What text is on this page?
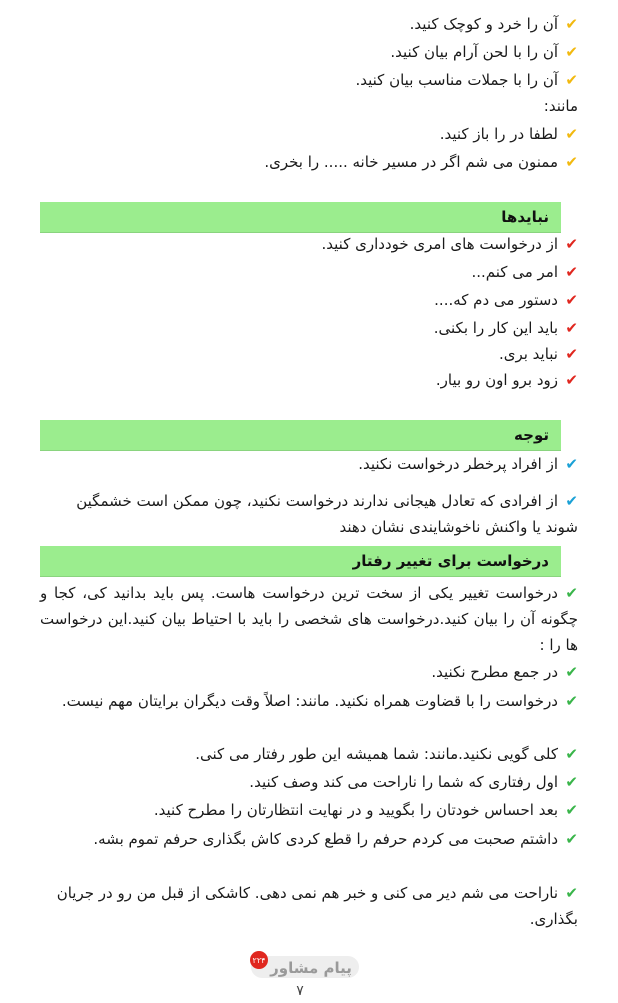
✔آن را خرد و کوچک کنید.
✔آن را با لحن آرام بیان کنید.
✔آن را با جملات مناسب بیان کنید.
مانند:
✔لطفا در را باز کنید.
✔ممنون می شم اگر در مسیر خانه ..... را بخری.
نبایدها
✔از درخواست های امری خودداری کنید.
✔امر می کنم...
✔دستور می دم که....
✔باید این کار را بکنی.
✔نباید بری.
✔زود برو اون رو بیار.
توجه
✔از افراد پرخطر درخواست نکنید.
✔از افرادی که تعادل هیجانی ندارند درخواست نکنید، چون ممکن است خشمگین شوند یا واکنش ناخوشایندی نشان دهند
درخواست برای تغییر رفتار
✔درخواست تغییر یکی از سخت ترین درخواست هاست. پس باید بدانید کی، کجا و چگونه آن را بیان کنید.درخواست های شخصی را باید با احتیاط بیان کنید.این درخواست ها را :
✔در جمع مطرح نکنید.
✔درخواست را با قضاوت همراه نکنید. مانند: اصلاً وقت دیگران برایتان مهم نیست.
✔کلی گویی نکنید.مانند: شما همیشه این طور رفتار می کنی.
✔اول رفتاری که شما را ناراحت می کند وصف کنید.
✔بعد احساس خودتان را بگویید و در نهایت انتظارتان را مطرح کنید.
✔داشتم صحبت می کردم حرفم را قطع کردی کاش بگذاری حرفم تموم بشه.
✔ناراحت می شم دیر می کنی و خبر هم نمی دهی. کاشکی از قبل من رو در جریان بگذاری.
۲۲۴ پیام مشاور
۷
